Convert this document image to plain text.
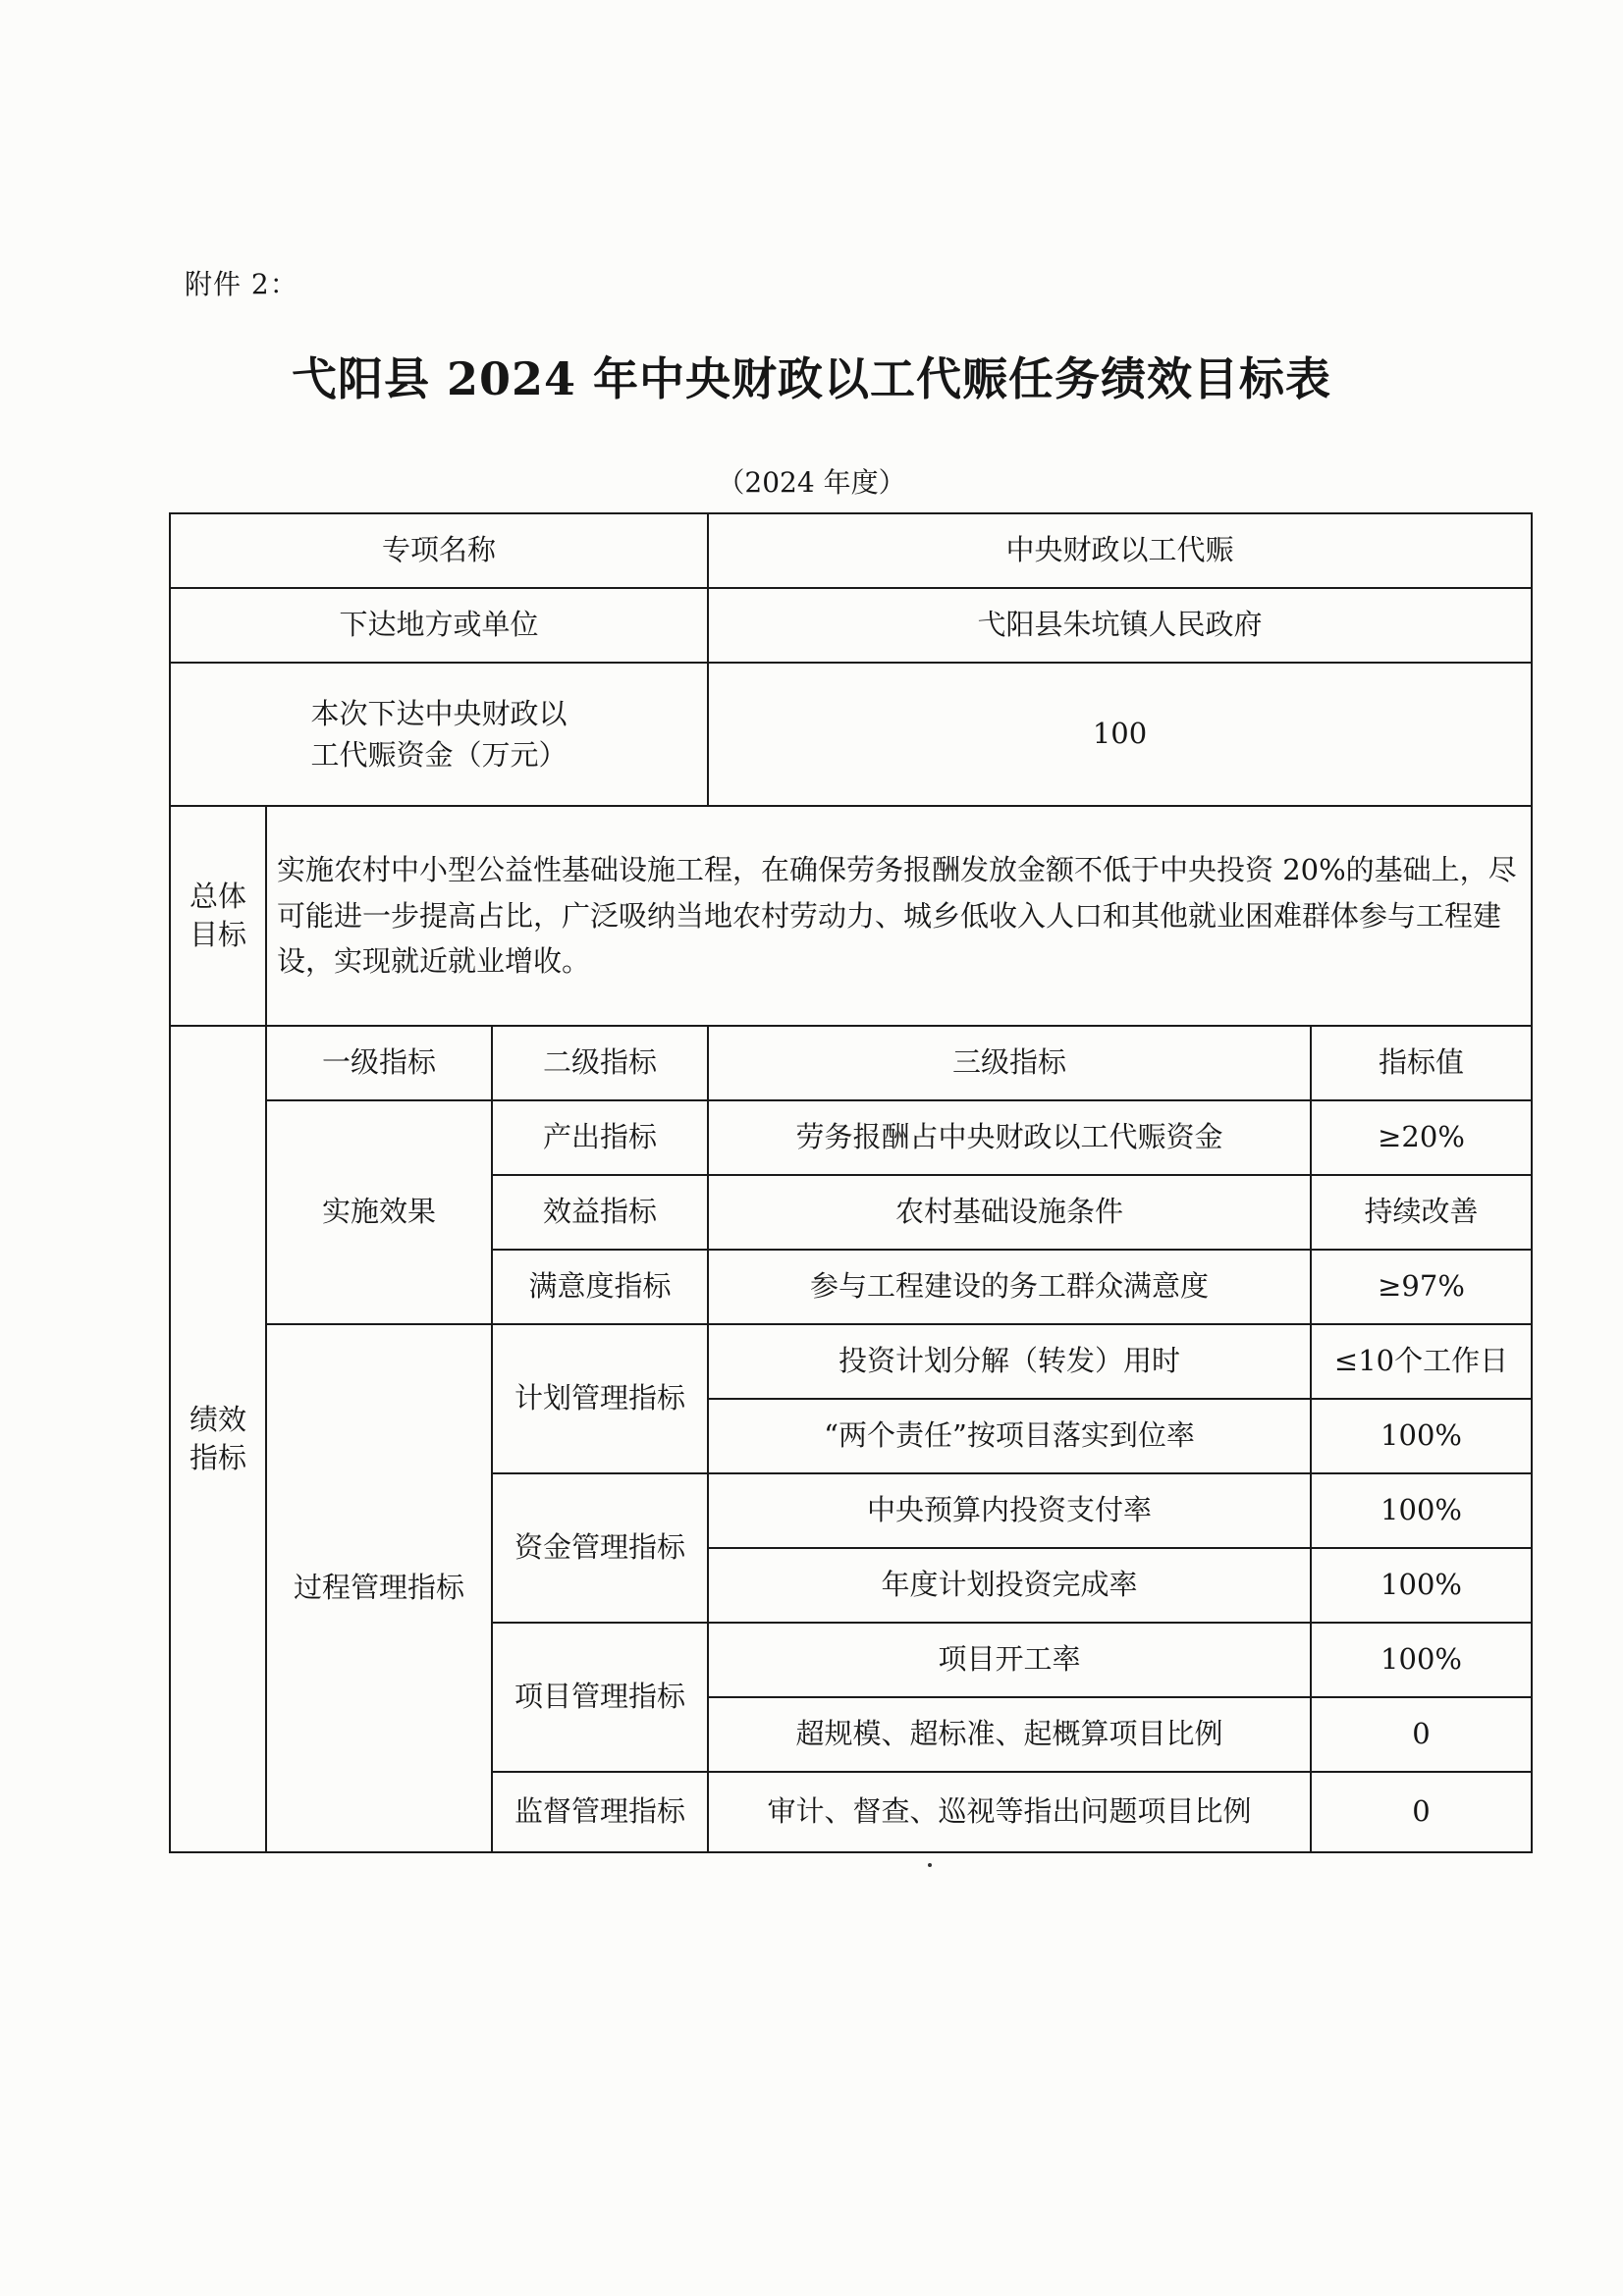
附件 2：
弋阳县 2024 年中央财政以工代赈任务绩效目标表
（2024 年度）
专项名称			中央财政以工代赈	
下达地方或单位			弋阳县朱坑镇人民政府	
本次下达中央财政以工代赈资金（万元）			100	
总体目标	实施农村中小型公益性基础设施工程，在确保劳务报酬发放金额不低于中央投资 20%的基础上，尽可能进一步提高占比，广泛吸纳当地农村劳动力、城乡低收入人口和其他就业困难群体参与工程建设，实现就近就业增收。			
绩效指标	一级指标	二级指标	三级指标	指标值
	实施效果	产出指标	劳务报酬占中央财政以工代赈资金	≥20%
		效益指标	农村基础设施条件	持续改善
		满意度指标	参与工程建设的务工群众满意度	≥97%
	过程管理指标	计划管理指标	投资计划分解（转发）用时	≤10个工作日
			“两个责任”按项目落实到位率	100%
		资金管理指标	中央预算内投资支付率	100%
			年度计划投资完成率	100%
		项目管理指标	项目开工率	100%
			超规模、超标准、起概算项目比例	0
		监督管理指标	审计、督查、巡视等指出问题项目比例	0
